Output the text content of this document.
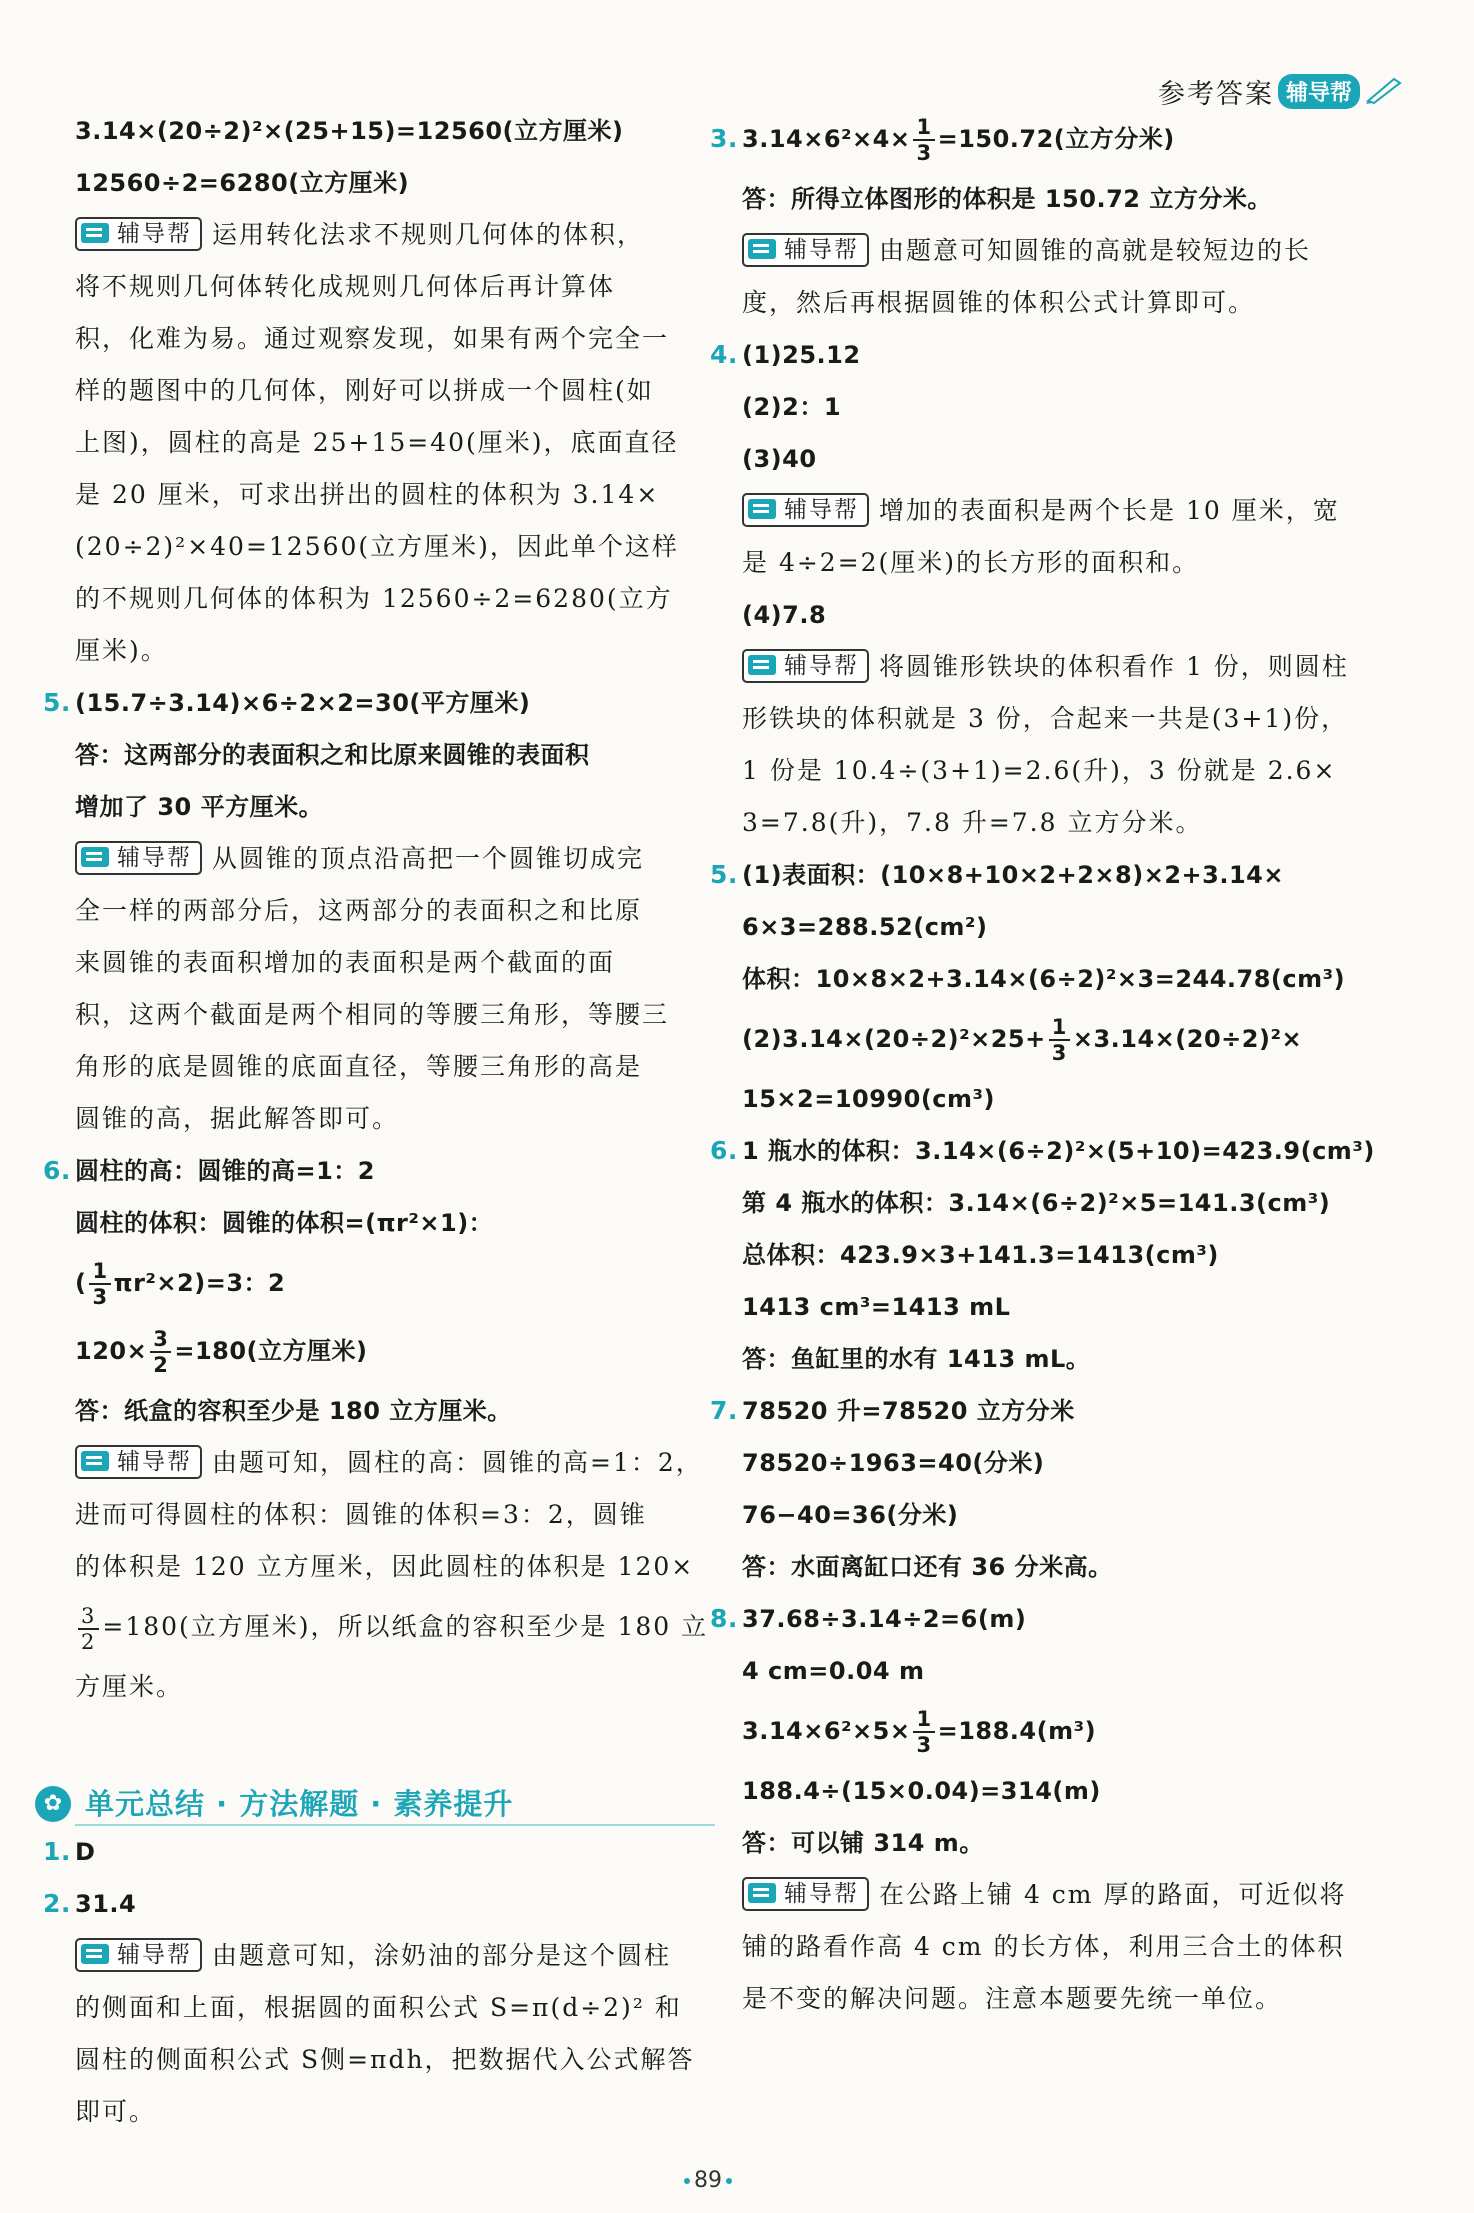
参考答案 辅导帮
3.14×(20÷2)²×(25+15)=12560(立方厘米)
12560÷2=6280(立方厘米)
辅导帮 运用转化法求不规则几何体的体积，
将不规则几何体转化成规则几何体后再计算体
积，化难为易。通过观察发现，如果有两个完全一
样的题图中的几何体，刚好可以拼成一个圆柱(如
上图)，圆柱的高是 25+15=40(厘米)，底面直径
是 20 厘米，可求出拼出的圆柱的体积为 3.14×
(20÷2)²×40=12560(立方厘米)，因此单个这样
的不规则几何体的体积为 12560÷2=6280(立方
厘米)。
5. (15.7÷3.14)×6÷2×2=30(平方厘米)
答：这两部分的表面积之和比原来圆锥的表面积
增加了 30 平方厘米。
辅导帮 从圆锥的顶点沿高把一个圆锥切成完
全一样的两部分后，这两部分的表面积之和比原
来圆锥的表面积增加的表面积是两个截面的面
积，这两个截面是两个相同的等腰三角形，等腰三
角形的底是圆锥的底面直径，等腰三角形的高是
圆锥的高，据此解答即可。
6. 圆柱的高：圆锥的高=1：2
圆柱的体积：圆锥的体积=(πr²×1)：
( $\frac{1}{3} \pi r^2\times 2)=3$：2
$120\times \frac{3}{2} =180$(立方厘米)
答：纸盒的容积至少是 180 立方厘米。
辅导帮 由题可知，圆柱的高：圆锥的高=1：2，
进而可得圆柱的体积：圆锥的体积=3：2，圆锥
的体积是 120 立方厘米，因此圆柱的体积是 120×
$\frac{3}{2} =180$(立方厘米)，所以纸盒的容积至少是 180 立
方厘米。
✿ 单元总结 · 方法解题 · 素养提升
1. D
2. 31.4
辅导帮 由题意可知，涂奶油的部分是这个圆柱
的侧面和上面，根据圆的面积公式 S=π(d÷2)² 和
圆柱的侧面积公式 S侧=πdh，把数据代入公式解答
即可。
3. $3.14\times 6^2\times 4\times \frac{1}{3} =150.72$(立方分米)
答：所得立体图形的体积是 150.72 立方分米。
辅导帮 由题意可知圆锥的高就是较短边的长
度，然后再根据圆锥的体积公式计算即可。
4. (1)25.12
(2)2：1
(3)40
辅导帮 增加的表面积是两个长是 10 厘米，宽
是 4÷2=2(厘米)的长方形的面积和。
(4)7.8
辅导帮 将圆锥形铁块的体积看作 1 份，则圆柱
形铁块的体积就是 3 份，合起来一共是(3+1)份，
1 份是 10.4÷(3+1)=2.6(升)，3 份就是 2.6×
3=7.8(升)，7.8 升=7.8 立方分米。
5. (1)表面积：(10×8+10×2+2×8)×2+3.14×
6×3=288.52(cm²)
体积：10×8×2+3.14×(6÷2)²×3=244.78(cm³)
$(2)3.14\times(20\div 2)^2\times 25+ \frac{1}{3} \times 3.14\times(20\div 2)^2\times$
15×2=10990(cm³)
6. 1 瓶水的体积：3.14×(6÷2)²×(5+10)=423.9(cm³)
第 4 瓶水的体积：3.14×(6÷2)²×5=141.3(cm³)
总体积：423.9×3+141.3=1413(cm³)
1413 cm³=1413 mL
答：鱼缸里的水有 1413 mL。
7. 78520 升=78520 立方分米
78520÷1963=40(分米)
76−40=36(分米)
答：水面离缸口还有 36 分米高。
8. 37.68÷3.14÷2=6(m)
4 cm=0.04 m
$3.14\times 6^2\times 5\times \frac{1}{3} =188.4(m^3)$
188.4÷(15×0.04)=314(m)
答：可以铺 314 m。
辅导帮 在公路上铺 4 cm 厚的路面，可近似将
铺的路看作高 4 cm 的长方体，利用三合土的体积
是不变的解决问题。注意本题要先统一单位。
89
